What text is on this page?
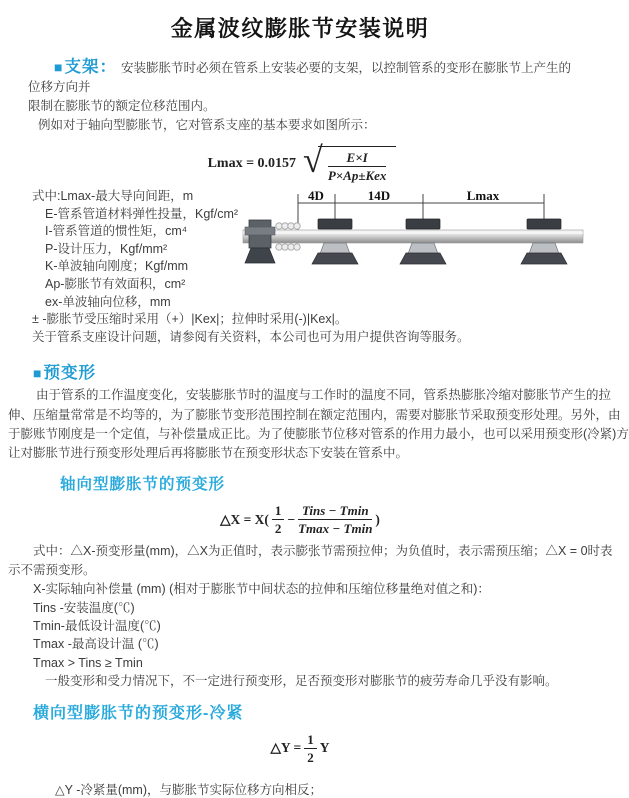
金属波纹膨胀节安装说明

■ 支架： 安装膨胀节时必须在管系上安装必要的支架，以控制管系的变形在膨胀节上产生的位移方向并

限制在膨胀节的额定位移范围内。

例如对于轴向型膨胀节，它对管系支座的基本要求如图所示：

Lmax = 0.0157 √ $\frac{E\times I}{\text{P×Ap±Kex}}$
式中:Lmax-最大导向间距，m
E-管系管道材料弹性投量，Kgf/cm²
I-管系管道的惯性矩，cm⁴
P-设计压力，Kgf/mm²
K-单波轴向刚度；Kgf/mm
Ap-膨胀节有效面积，cm²
ex-单波轴向位移，mm
± -膨胀节受压缩时采用（+）|Kex|；拉伸时采用(-)|Kex|。
关于管系支座设计问题，请参阅有关资料，本公司也可为用户提供咨询等服务。
4D	14D	Lmax

■ 预变形

由于管系的工作温度变化，安装膨胀节时的温度与工作时的温度不同，管系热膨胀冷缩对膨胀节产生的拉

伸、压缩量常常是不均等的，为了膨胀节变形范围控制在额定范围内，需要对膨胀节采取预变形处理。另外，由

于膨账节刚度是一个定值，与补偿量成正比。为了使膨胀节位移对管系的作用力最小，也可以采用预变形(冷紧)方

让对膨胀节进行预变形处理后再将膨胀节在预变形状态下安装在管系中。

轴向型膨胀节的预变形
△X = $X( \frac{1}{2} - \frac{\text{Tins − Tmin}}{Tmax - Tmin}$ )

式中：△X-预变形量(mm)，△X为正值时，表示膨张节需预拉伸；为负值时，表示需预压缩；△X = 0时表

示不需预变形。

X-实际轴向补偿量 (mm) (相对于膨胀节中间状态的拉伸和压缩位移量绝对值之和)：
Tins -安装温度(℃)
Tmin-最低设计温度(℃)
Tmax -最高设计温 (℃)
Tmax > Tins ≥ Tmin
一般变形和受力情况下，不一定进行预变形，足否预变形对膨胀节的疲劳寿命几乎没有影响。
横向型膨胀节的预变形-冷紧
△Y = $\frac{1}{2}$ Y
△Y -冷紧量(mm)，与膨胀节实际位移方向相反；
